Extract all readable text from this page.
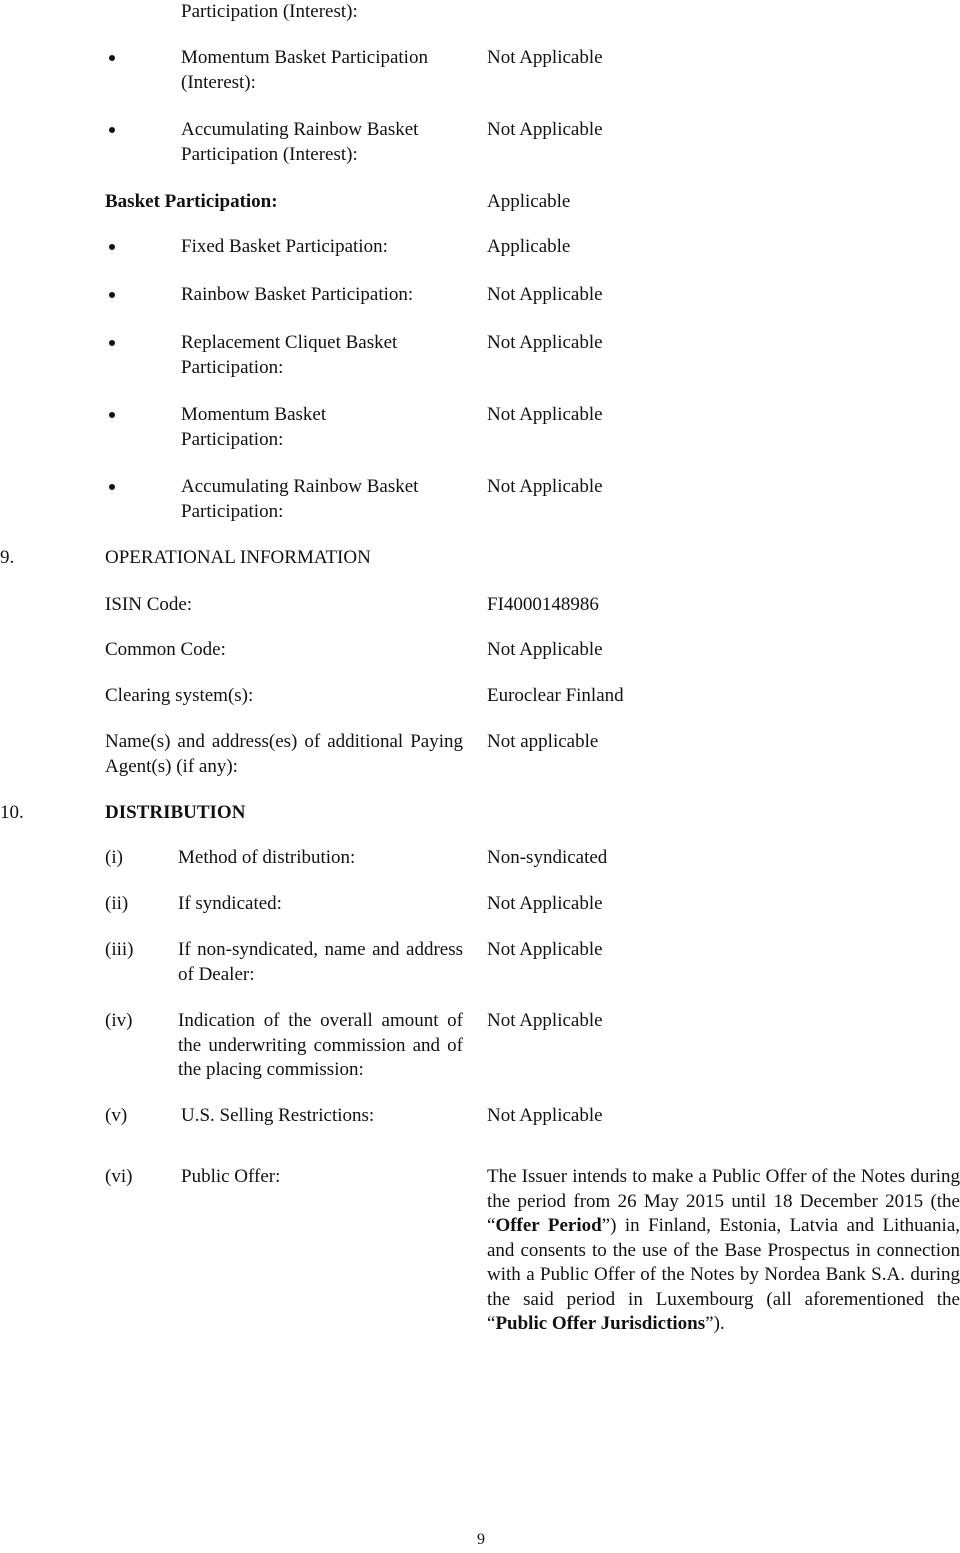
Participation (Interest):
Momentum Basket Participation (Interest):
Not Applicable
Accumulating Rainbow Basket Participation (Interest):
Not Applicable
Basket Participation:	Applicable
Fixed Basket Participation:	Applicable
Rainbow Basket Participation:	Not Applicable
Replacement Cliquet Basket Participation:
Not Applicable
Momentum Basket Participation:
Not Applicable
Accumulating Rainbow Basket Participation:
Not Applicable
9.	OPERATIONAL INFORMATION
ISIN Code:	FI4000148986
Common Code:	Not Applicable
Clearing system(s):	Euroclear Finland
Name(s) and address(es) of additional Paying Agent(s) (if any):
Not applicable
10.	DISTRIBUTION
(i)	Method of distribution:	Non-syndicated
(ii)	If syndicated:	Not Applicable
(iii) If non-syndicated, name and address of Dealer:
Not Applicable
(iv) Indication of the overall amount of the underwriting commission and of the placing commission:
Not Applicable
(v)	U.S. Selling Restrictions:	Not Applicable
(vi)	Public Offer:	The Issuer intends to make a Public Offer of the Notes during the period from 26 May 2015 until 18 December 2015 (the “Offer Period”) in Finland, Estonia, Latvia and Lithuania, and consents to the use of the Base Prospectus in connection with a Public Offer of the Notes by Nordea Bank S.A. during the said period in Luxembourg (all aforementioned the “Public Offer Jurisdictions”).
9
